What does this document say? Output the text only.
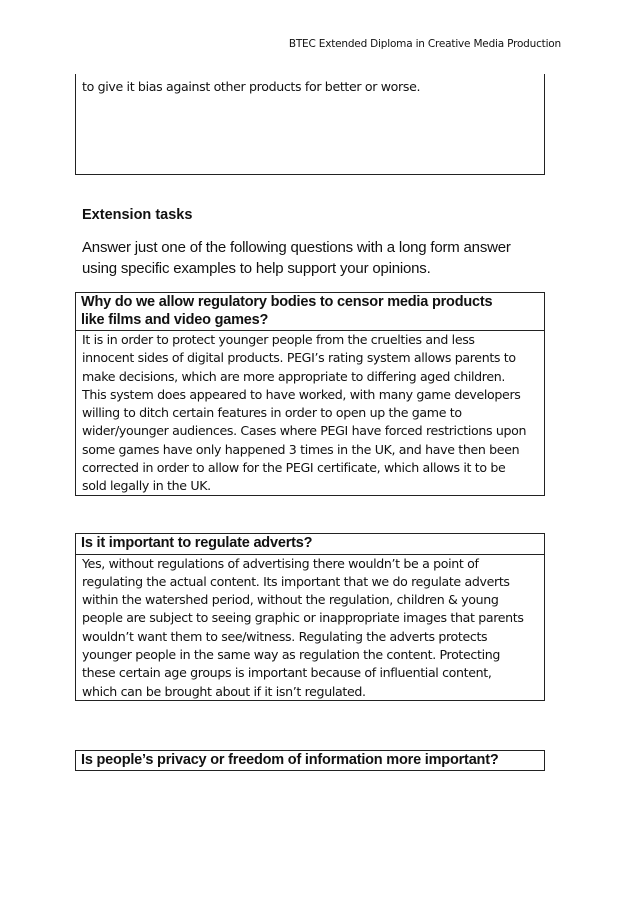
BTEC Extended Diploma in Creative Media Production
to give it bias against other products for better or worse.
Extension tasks
Answer just one of the following questions with a long form answer
using specific examples to help support your opinions.
Why do we allow regulatory bodies to censor media products
like films and video games?
It is in order to protect younger people from the cruelties and less
innocent sides of digital products. PEGI’s rating system allows parents to
make decisions, which are more appropriate to differing aged children.
This system does appeared to have worked, with many game developers
willing to ditch certain features in order to open up the game to
wider/younger audiences. Cases where PEGI have forced restrictions upon
some games have only happened 3 times in the UK, and have then been
corrected in order to allow for the PEGI certificate, which allows it to be
sold legally in the UK.
Is it important to regulate adverts?
Yes, without regulations of advertising there wouldn’t be a point of
regulating the actual content. Its important that we do regulate adverts
within the watershed period, without the regulation, children & young
people are subject to seeing graphic or inappropriate images that parents
wouldn’t want them to see/witness. Regulating the adverts protects
younger people in the same way as regulation the content. Protecting
these certain age groups is important because of influential content,
which can be brought about if it isn’t regulated.
Is people’s privacy or freedom of information more important?
